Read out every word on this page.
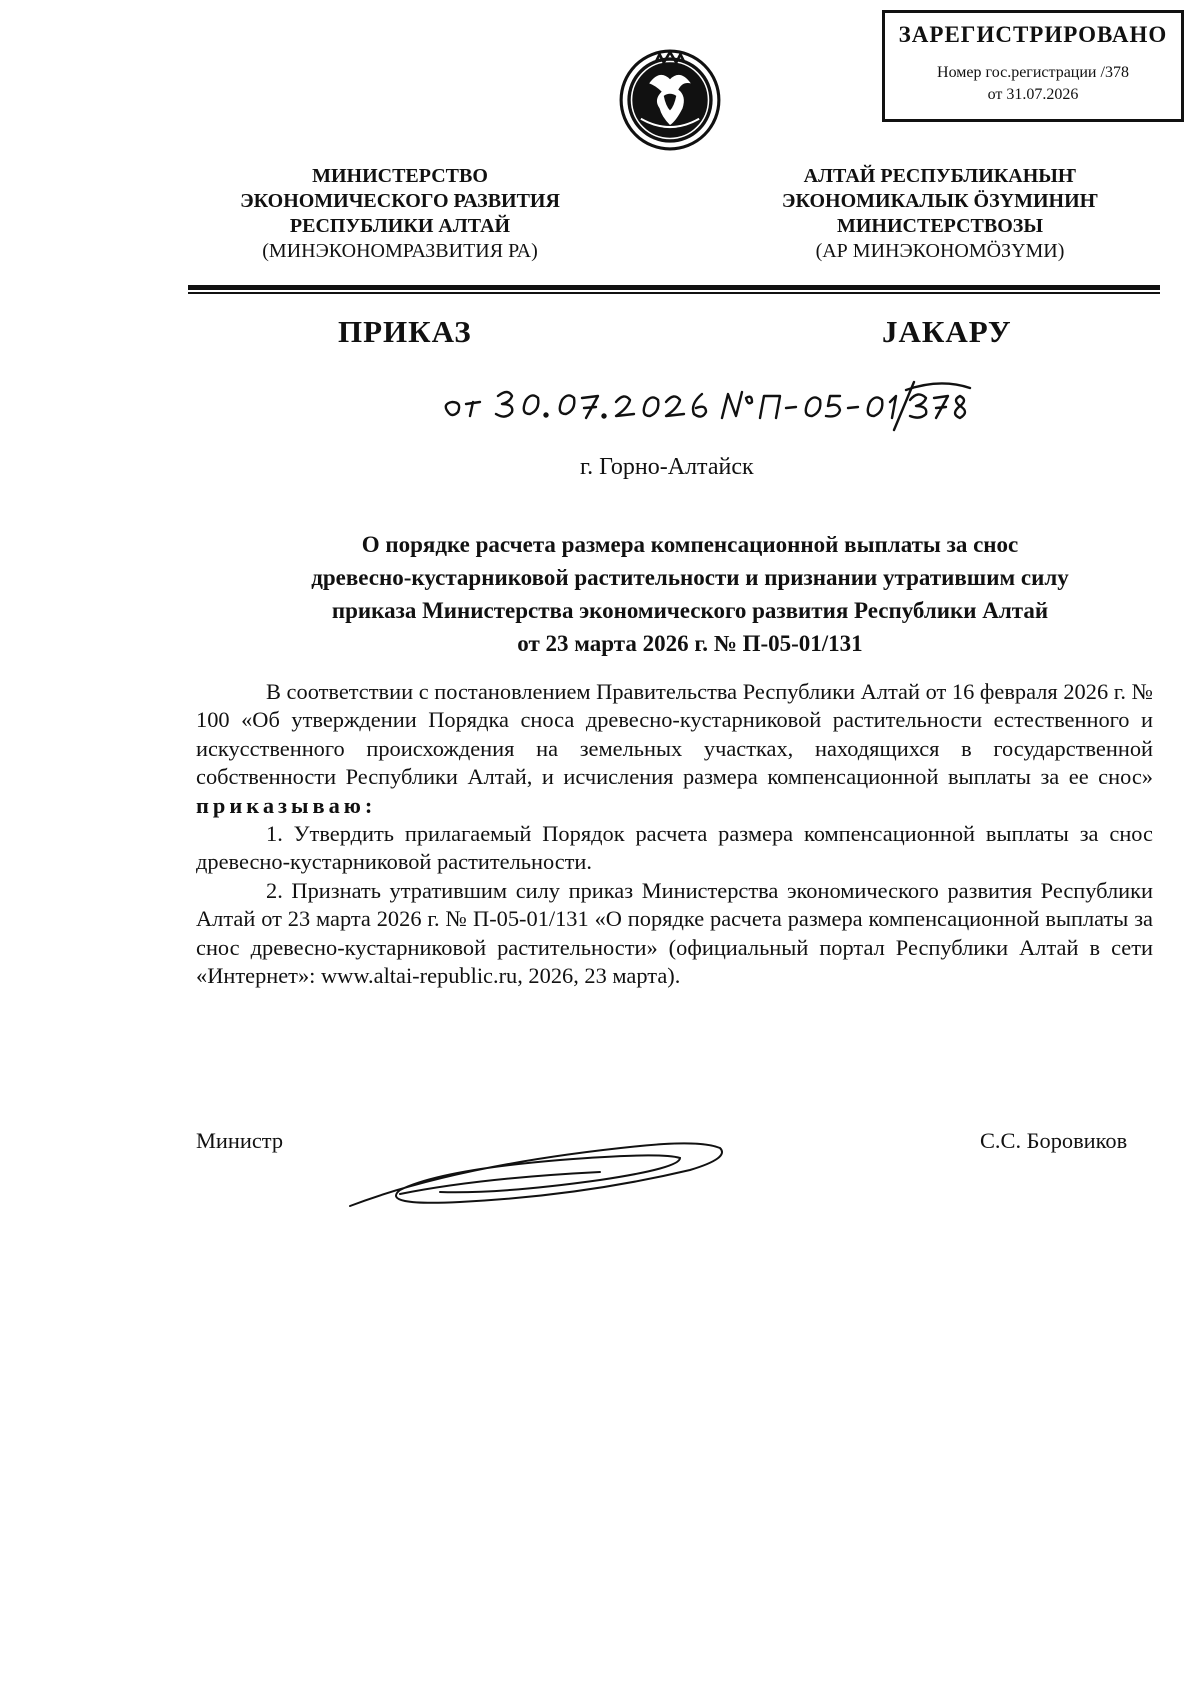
ЗАРЕГИСТРИРОВАНО
Номер гос.регистрации /378
от 31.07.2026
МИНИСТЕРСТВО
ЭКОНОМИЧЕСКОГО РАЗВИТИЯ
РЕСПУБЛИКИ АЛТАЙ
(МИНЭКОНОМРАЗВИТИЯ РА)
АЛТАЙ РЕСПУБЛИКАНЫҤ
ЭКОНОМИКАЛЫК ÖЗҮМИНИҤ
МИНИСТЕРСТВОЗЫ
(АР МИНЭКОНОМÖЗҮМИ)
ПРИКАЗ	JАКАРУ
г. Горно-Алтайск
О порядке расчета размера компенсационной выплаты за снос
древесно-кустарниковой растительности и признании утратившим силу
приказа Министерства экономического развития Республики Алтай
от 23 марта 2026 г. № П-05-01/131

В соответствии с постановлением Правительства Республики Алтай от 16 февраля 2026 г. № 100 «Об утверждении Порядка сноса древесно-кустарниковой растительности естественного и искусственного происхождения на земельных участках, находящихся в государственной собственности Республики Алтай, и исчисления размера компенсационной выплаты за ее снос» приказываю:

1. Утвердить прилагаемый Порядок расчета размера компенсационной выплаты за снос древесно-кустарниковой растительности.

2. Признать утратившим силу приказ Министерства экономического развития Республики Алтай от 23 марта 2026 г. № П-05-01/131 «О порядке расчета размера компенсационной выплаты за снос древесно-кустарниковой растительности» (официальный портал Республики Алтай в сети «Интернет»: www.altai-republic.ru, 2026, 23 марта).

Министр	С.С. Боровиков
